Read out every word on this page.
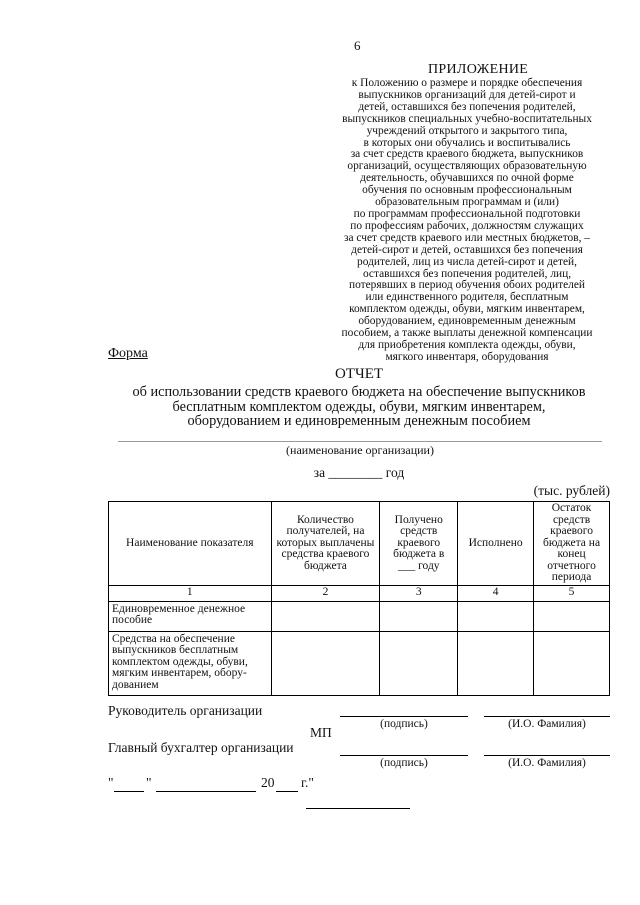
6
ПРИЛОЖЕНИЕ
к Положению о размере и порядке обеспечения
выпускников организаций для детей-сирот и
детей, оставшихся без попечения родителей,
выпускников специальных учебно-воспитательных
учреждений открытого и закрытого типа,
в которых они обучались и воспитывались
за счет средств краевого бюджета, выпускников
организаций, осуществляющих образовательную
деятельность, обучавшихся по очной форме
обучения по основным профессиональным
образовательным программам и (или)
по программам профессиональной подготовки
по профессиям рабочих, должностям служащих
за счет средств краевого или местных бюджетов, –
детей-сирот и детей, оставшихся без попечения
родителей, лиц из числа детей-сирот и детей,
оставшихся без попечения родителей, лиц,
потерявших в период обучения обоих родителей
или единственного родителя, бесплатным
комплектом одежды, обуви, мягким инвентарем,
оборудованием, единовременным денежным
пособием, а также выплаты денежной компенсации
для приобретения комплекта одежды, обуви,
мягкого инвентаря, оборудования
Форма
ОТЧЕТ
об использовании средств краевого бюджета на обеспечение выпускников
бесплатным комплектом одежды, обуви, мягким инвентарем,
оборудованием и единовременным денежным пособием
(наименование организации)
за ________ год
(тыс. рублей)
Наименование показателя	Количество получателей, на которых выплачены средства краевого бюджета	Получено средств краевого бюджета в ___ году	Исполнено	Остаток средств краевого бюджета на конец отчетного периода
1	2	3	4	5
Единовременное денежное пособие				
Средства на обеспечение выпускников бесплатным комплектом одежды, обуви, мягким инвентарем, обору-дованием				
Руководитель организации
(подпись)	(И.О. Фамилия)
МП
Главный бухгалтер организации
(подпись)	(И.О. Фамилия)
" "	20 г."
